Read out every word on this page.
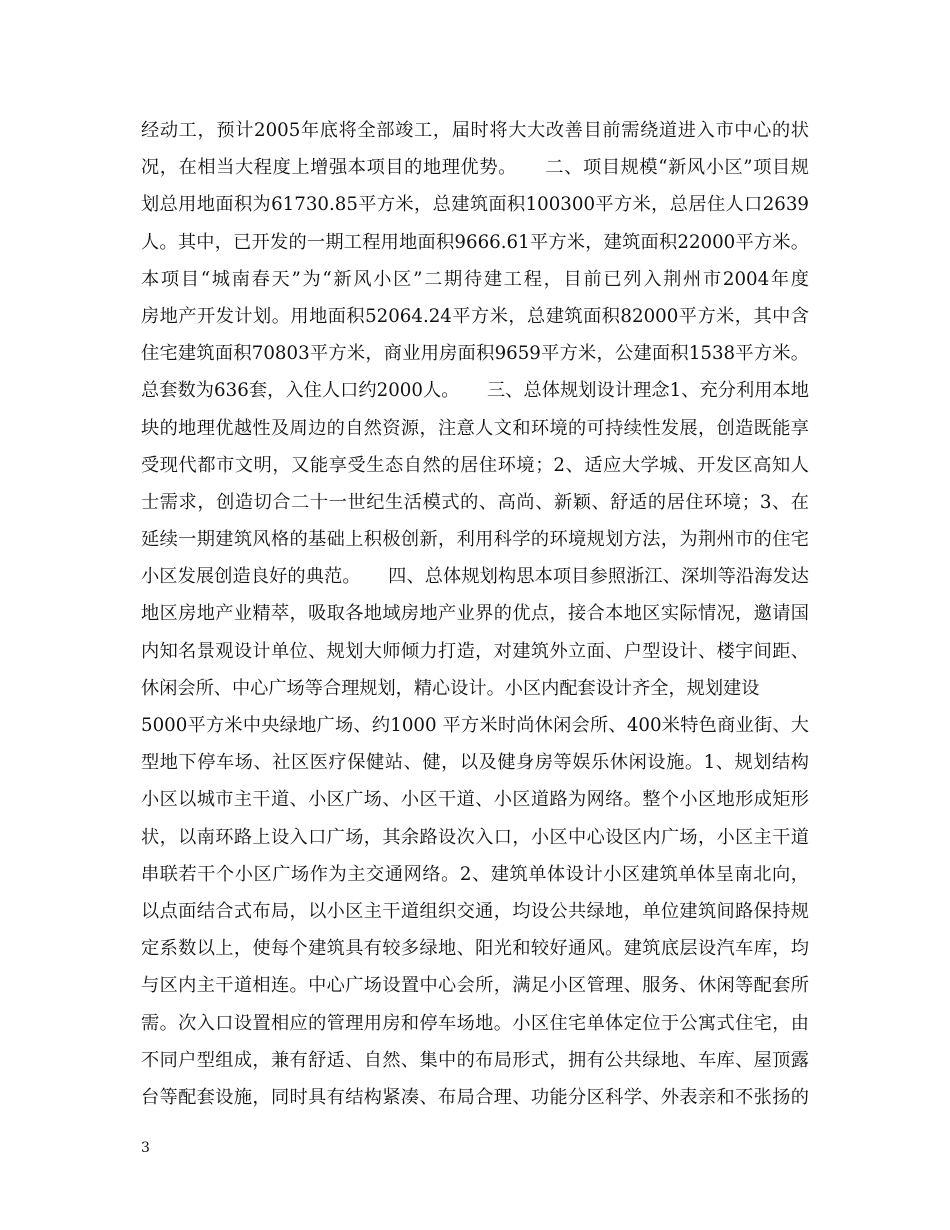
经动工，预计2005年底将全部竣工，届时将大大改善目前需绕道进入市中心的状
况，在相当大程度上增强本项目的地理优势。　　二、项目规模“新风小区”项目规
划总用地面积为61730.85平方米，总建筑面积100300平方米，总居住人口2639
人。其中，已开发的一期工程用地面积9666.61平方米，建筑面积22000平方米。
本项目“城南春天”为“新风小区”二期待建工程，目前已列入荆州市2004年度
房地产开发计划。用地面积52064.24平方米，总建筑面积82000平方米，其中含
住宅建筑面积70803平方米，商业用房面积9659平方米，公建面积1538平方米。
总套数为636套，入住人口约2000人。　　三、总体规划设计理念1、充分利用本地
块的地理优越性及周边的自然资源，注意人文和环境的可持续性发展，创造既能享
受现代都市文明，又能享受生态自然的居住环境；2、适应大学城、开发区高知人
士需求，创造切合二十一世纪生活模式的、高尚、新颖、舒适的居住环境；3、在
延续一期建筑风格的基础上积极创新，利用科学的环境规划方法，为荆州市的住宅
小区发展创造良好的典范。　　四、总体规划构思本项目参照浙江、深圳等沿海发达
地区房地产业精萃，吸取各地域房地产业界的优点，接合本地区实际情况，邀请国
内知名景观设计单位、规划大师倾力打造，对建筑外立面、户型设计、楼宇间距、
休闲会所、中心广场等合理规划，精心设计。小区内配套设计齐全，规划建设
5000平方米中央绿地广场、约1000 平方米时尚休闲会所、400米特色商业街、大
型地下停车场、社区医疗保健站、健，以及健身房等娱乐休闲设施。1、规划结构
小区以城市主干道、小区广场、小区干道、小区道路为网络。整个小区地形成矩形
状，以南环路上设入口广场，其余路设次入口，小区中心设区内广场，小区主干道
串联若干个小区广场作为主交通网络。2、建筑单体设计小区建筑单体呈南北向，
以点面结合式布局，以小区主干道组织交通，均设公共绿地，单位建筑间路保持规
定系数以上，使每个建筑具有较多绿地、阳光和较好通风。建筑底层设汽车库，均
与区内主干道相连。中心广场设置中心会所，满足小区管理、服务、休闲等配套所
需。次入口设置相应的管理用房和停车场地。小区住宅单体定位于公寓式住宅，由
不同户型组成，兼有舒适、自然、集中的布局形式，拥有公共绿地、车库、屋顶露
台等配套设施，同时具有结构紧凑、布局合理、功能分区科学、外表亲和不张扬的
3
